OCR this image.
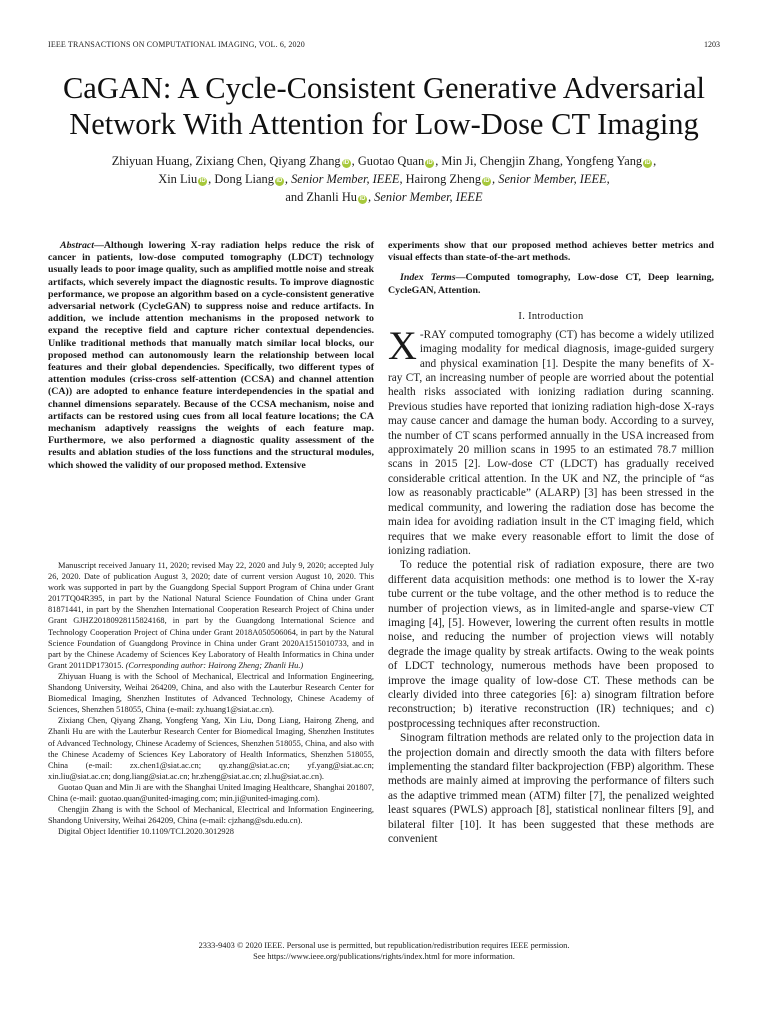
IEEE TRANSACTIONS ON COMPUTATIONAL IMAGING, VOL. 6, 2020	1203
CaGAN: A Cycle-Consistent Generative Adversarial
Network With Attention for Low-Dose CT Imaging
Zhiyuan Huang, Zixiang Chen, Qiyang Zhang iD , Guotao Quan iD , Min Ji, Chengjin Zhang, Yongfeng Yang iD ,
Xin Liu iD , Dong Liang iD , Senior Member, IEEE, Hairong Zheng iD , Senior Member, IEEE,
and Zhanli Hu iD , Senior Member, IEEE

Abstract—Although lowering X-ray radiation helps reduce the risk of cancer in patients, low-dose computed tomography (LDCT) technology usually leads to poor image quality, such as amplified mottle noise and streak artifacts, which severely impact the diagnostic results. To improve diagnostic performance, we propose an algorithm based on a cycle-consistent generative adversarial network (CycleGAN) to suppress noise and reduce artifacts. In addition, we include attention mechanisms in the proposed network to expand the receptive field and capture richer contextual dependencies. Unlike traditional methods that manually match similar local blocks, our proposed method can autonomously learn the relationship between local features and their global dependencies. Specifically, two different types of attention modules (criss-cross self-attention (CCSA) and channel attention (CA)) are adopted to enhance feature interdependencies in the spatial and channel dimensions separately. Because of the CCSA mechanism, noise and artifacts can be restored using cues from all local feature locations; the CA mechanism adaptively reassigns the weights of each feature map. Furthermore, we also performed a diagnostic quality assessment of the results and ablation studies of the loss functions and the structural modules, which showed the validity of our proposed method. Extensive

Manuscript received January 11, 2020; revised May 22, 2020 and July 9, 2020; accepted July 26, 2020. Date of publication August 3, 2020; date of current version August 10, 2020. This work was supported in part by the Guangdong Special Support Program of China under Grant 2017TQ04R395, in part by the National Natural Science Foundation of China under Grant 81871441, in part by the Shenzhen International Cooperation Research Project of China under Grant GJHZ20180928115824168, in part by the Guangdong International Science and Technology Cooperation Project of China under Grant 2018A050506064, in part by the Natural Science Foundation of Guangdong Province in China under Grant 2020A1515010733, and in part by the Chinese Academy of Sciences Key Laboratory of Health Informatics in China under Grant 2011DP173015. (Corresponding author: Hairong Zheng; Zhanli Hu.)

Zhiyuan Huang is with the School of Mechanical, Electrical and Information Engineering, Shandong University, Weihai 264209, China, and also with the Lauterbur Research Center for Biomedical Imaging, Shenzhen Institutes of Advanced Technology, Chinese Academy of Sciences, Shenzhen 518055, China (e-mail: zy.huang1@siat.ac.cn).

Zixiang Chen, Qiyang Zhang, Yongfeng Yang, Xin Liu, Dong Liang, Hairong Zheng, and Zhanli Hu are with the Lauterbur Research Center for Biomedical Imaging, Shenzhen Institutes of Advanced Technology, Chinese Academy of Sciences, Shenzhen 518055, China, and also with the Chinese Academy of Sciences Key Laboratory of Health Informatics, Shenzhen 518055, China (e-mail: zx.chen1@siat.ac.cn; qy.zhang@siat.ac.cn; yf.yang@siat.ac.cn; xin.liu@siat.ac.cn; dong.liang@siat.ac.cn; hr.zheng@siat.ac.cn; zl.hu@siat.ac.cn).

Guotao Quan and Min Ji are with the Shanghai United Imaging Healthcare, Shanghai 201807, China (e-mail: guotao.quan@united-imaging.com; min.ji@united-imaging.com).

Chengjin Zhang is with the School of Mechanical, Electrical and Information Engineering, Shandong University, Weihai 264209, China (e-mail: cjzhang@sdu.edu.cn).

Digital Object Identifier 10.1109/TCI.2020.3012928

experiments show that our proposed method achieves better metrics and visual effects than state-of-the-art methods.

Index Terms—Computed tomography, Low-dose CT, Deep learning, CycleGAN, Attention.

I. Introduction

X -RAY computed tomography (CT) has become a widely utilized imaging modality for medical diagnosis, image-guided surgery and physical examination [1]. Despite the many benefits of X-ray CT, an increasing number of people are worried about the potential health risks associated with ionizing radiation during scanning. Previous studies have reported that ionizing radiation high-dose X-rays may cause cancer and damage the human body. According to a survey, the number of CT scans performed annually in the USA increased from approximately 20 million scans in 1995 to an estimated 78.7 million scans in 2015 [2]. Low-dose CT (LDCT) has gradually received considerable critical attention. In the UK and NZ, the principle of “as low as reasonably practicable” (ALARP) [3] has been stressed in the medical community, and lowering the radiation dose has become the main idea for avoiding radiation insult in the CT imaging field, which requires that we make every reasonable effort to limit the dose of ionizing radiation.

To reduce the potential risk of radiation exposure, there are two different data acquisition methods: one method is to lower the X-ray tube current or the tube voltage, and the other method is to reduce the number of projection views, as in limited-angle and sparse-view CT imaging [4], [5]. However, lowering the current often results in mottle noise, and reducing the number of projection views will notably degrade the image quality by streak artifacts. Owing to the weak points of LDCT technology, numerous methods have been proposed to improve the image quality of low-dose CT. These methods can be clearly divided into three categories [6]: a) sinogram filtration before reconstruction; b) iterative reconstruction (IR) techniques; and c) postprocessing techniques after reconstruction.

Sinogram filtration methods are related only to the projection data in the projection domain and directly smooth the data with filters before implementing the standard filter backprojection (FBP) algorithm. These methods are mainly aimed at improving the performance of filters such as the adaptive trimmed mean (ATM) filter [7], the penalized weighted least squares (PWLS) approach [8], statistical nonlinear filters [9], and bilateral filter [10]. It has been suggested that these methods are convenient

2333-9403 © 2020 IEEE. Personal use is permitted, but republication/redistribution requires IEEE permission.
See https://www.ieee.org/publications/rights/index.html for more information.
